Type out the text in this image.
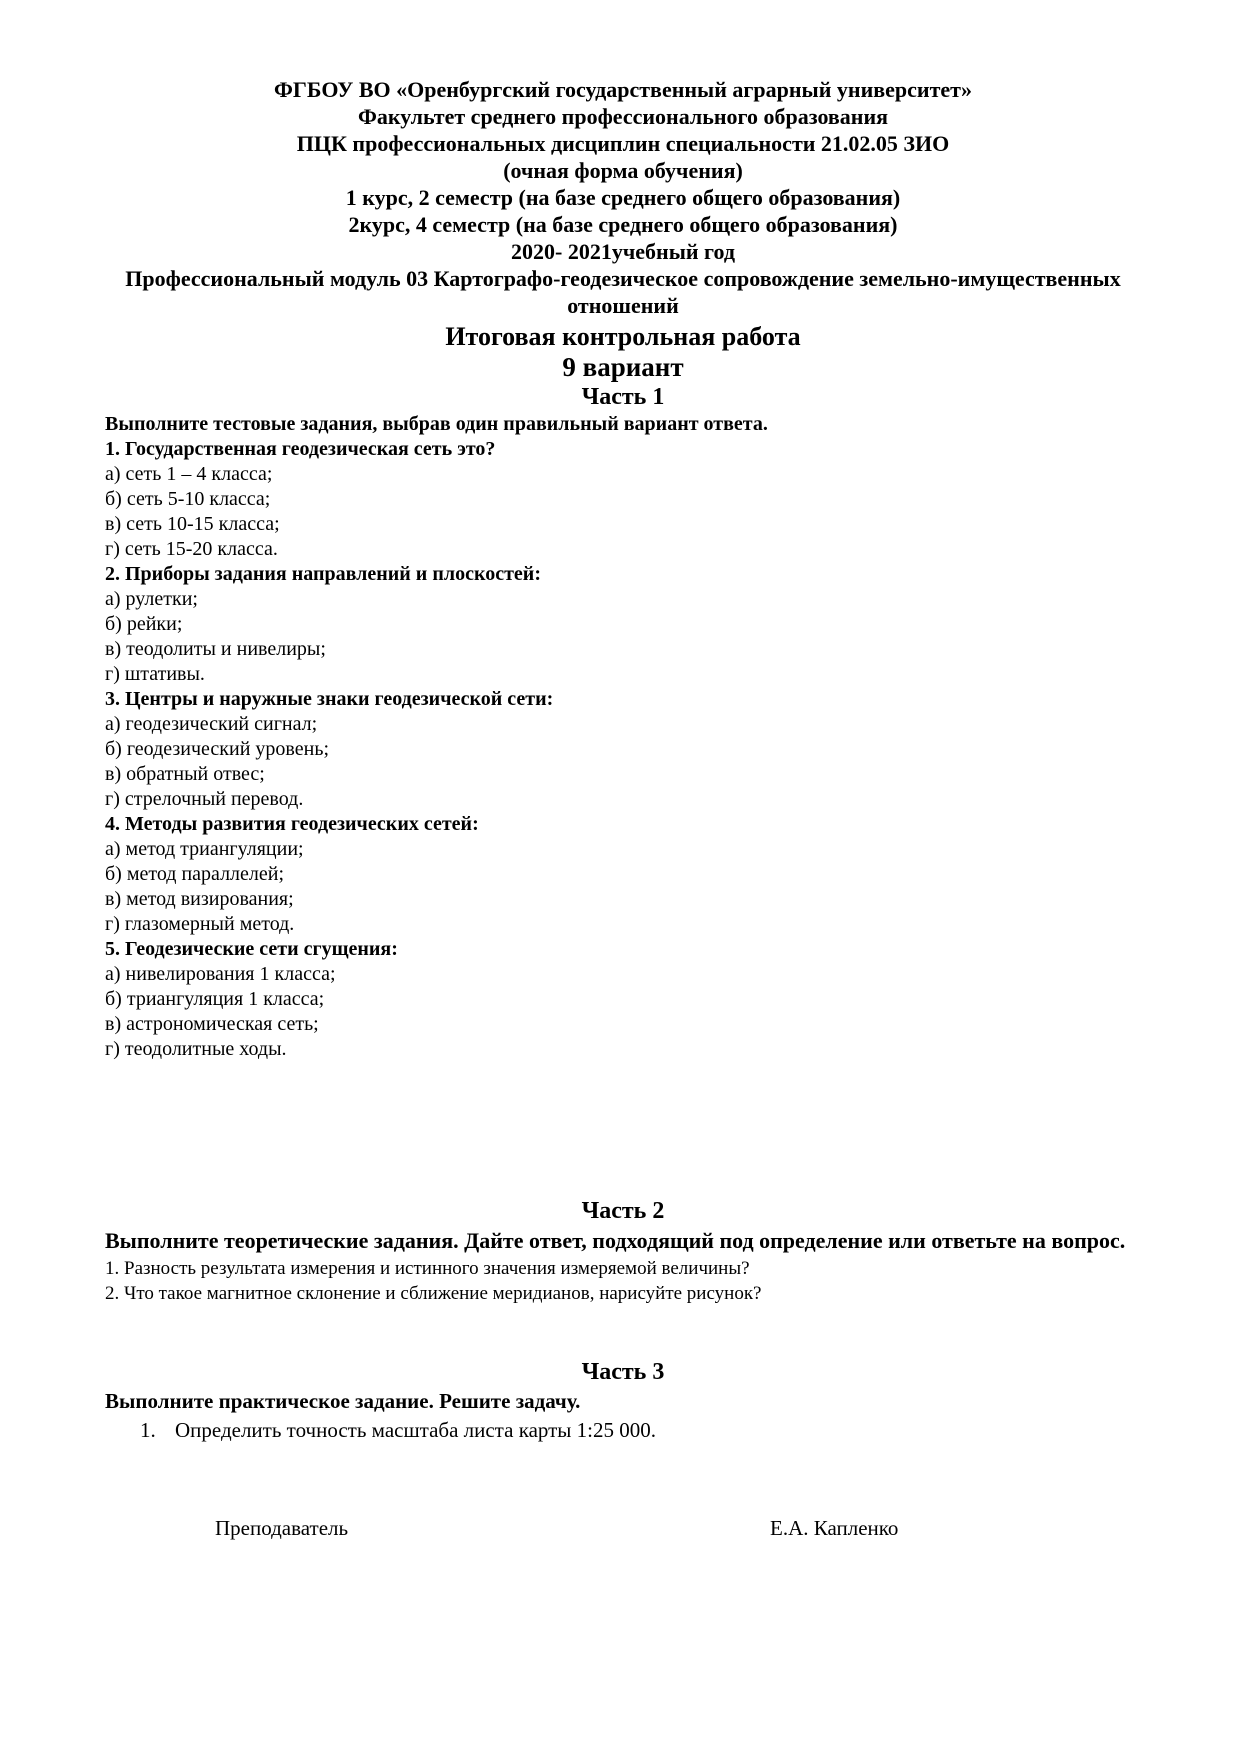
ФГБОУ ВО «Оренбургский государственный аграрный университет»

Факультет среднего профессионального образования

ПЦК профессиональных дисциплин специальности 21.02.05 ЗИО

(очная форма обучения)

1 курс, 2 семестр (на базе среднего общего образования)

2курс, 4 семестр (на базе среднего общего образования)

2020- 2021учебный год

Профессиональный модуль 03 Картографо-геодезическое сопровождение земельно-имущественных отношений

Итоговая контрольная работа

9 вариант

Часть 1

Выполните тестовые задания, выбрав один правильный вариант ответа.

1. Государственная геодезическая сеть это?

а) сеть 1 – 4 класса;

б) сеть 5-10 класса;

в) сеть 10-15 класса;

г) сеть 15-20 класса.

2. Приборы задания направлений и плоскостей:

а) рулетки;

б) рейки;

в) теодолиты и нивелиры;

г) штативы.

3. Центры и наружные знаки геодезической сети:

а) геодезический сигнал;

б) геодезический уровень;

в) обратный отвес;

г) стрелочный перевод.

4. Методы развития геодезических сетей:

а) метод триангуляции;

б) метод параллелей;

в) метод визирования;

г) глазомерный метод.

5. Геодезические сети сгущения:

а) нивелирования 1 класса;

б) триангуляция 1 класса;

в) астрономическая сеть;

г) теодолитные ходы.

Часть 2

Выполните теоретические задания. Дайте ответ, подходящий под определение или ответьте на вопрос.

1. Разность результата измерения и истинного значения измеряемой величины?

2. Что такое магнитное склонение и сближение меридианов, нарисуйте рисунок?

Часть 3

Выполните практическое задание. Решите задачу.

1. Определить точность масштаба листа карты 1:25 000.

Преподаватель	Е.А. Капленко
